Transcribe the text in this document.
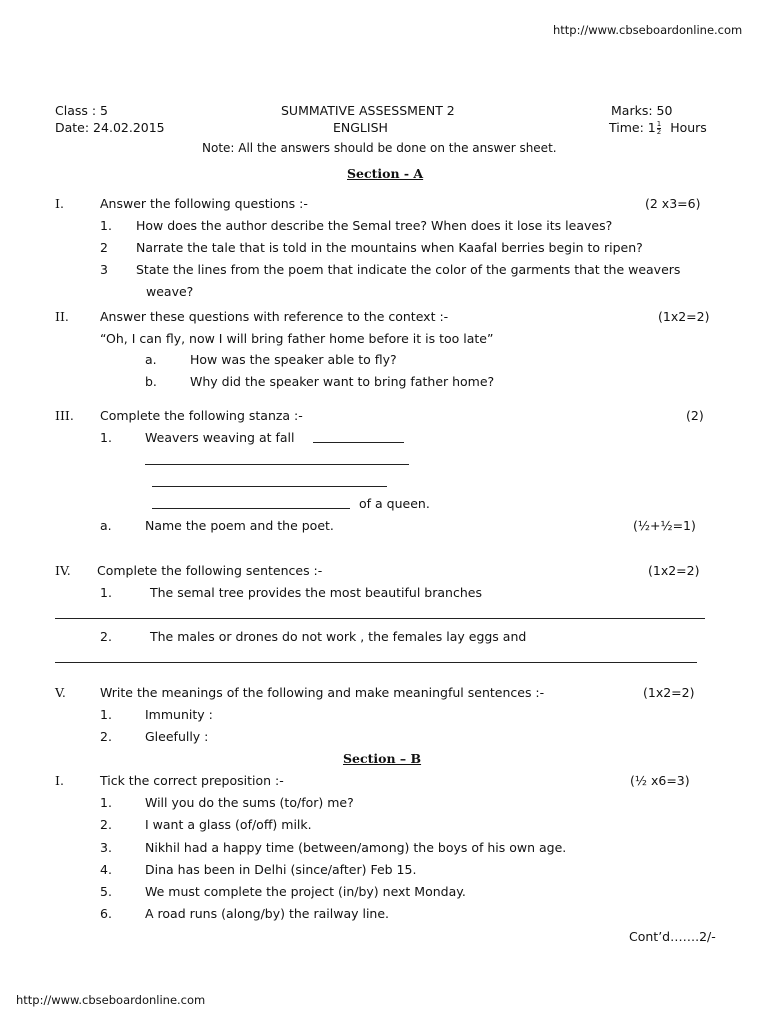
http://www.cbseboardonline.com
Class : 5
Date: 24.02.2015
SUMMATIVE ASSESSMENT 2
ENGLISH
Marks: 50
Time: $1 \frac{1}{2}$ Hours
Note: All the answers should be done on the answer sheet.
Section - A
I.	Answer the following questions :-	(2 x3=6)
1. How does the author describe the Semal tree? When does it lose its leaves?
2 Narrate the tale that is told in the mountains when Kaafal berries begin to ripen?
3 State the lines from the poem that indicate the color of the garments that the weavers
weave?
II. Answer these questions with reference to the context :-	(1x2=2)
“Oh, I can fly, now I will bring father home before it is too late”
a.	How was the speaker able to fly?
b.	Why did the speaker want to bring father home?
III. Complete the following stanza :-	(2)
1.	Weavers weaving at fall
of a queen.
a.	Name the poem and the poet.	(½+½=1)
IV. Complete the following sentences :-	(1x2=2)
1.	The semal tree provides the most beautiful branches
2.	The males or drones do not work , the females lay eggs and
V.	Write the meanings of the following and make meaningful sentences :-	(1x2=2)
1.	Immunity :
2.	Gleefully :
Section – B
I.	Tick the correct preposition :-	(½ x6=3)
1.	Will you do the sums (to/for) me?
2.	I want a glass (of/off) milk.
3.	Nikhil had a happy time (between/among) the boys of his own age.
4.	Dina has been in Delhi (since/after) Feb 15.
5.	We must complete the project (in/by) next Monday.
6.	A road runs (along/by) the railway line.
Cont’d…….2/-
http://www.cbseboardonline.com
